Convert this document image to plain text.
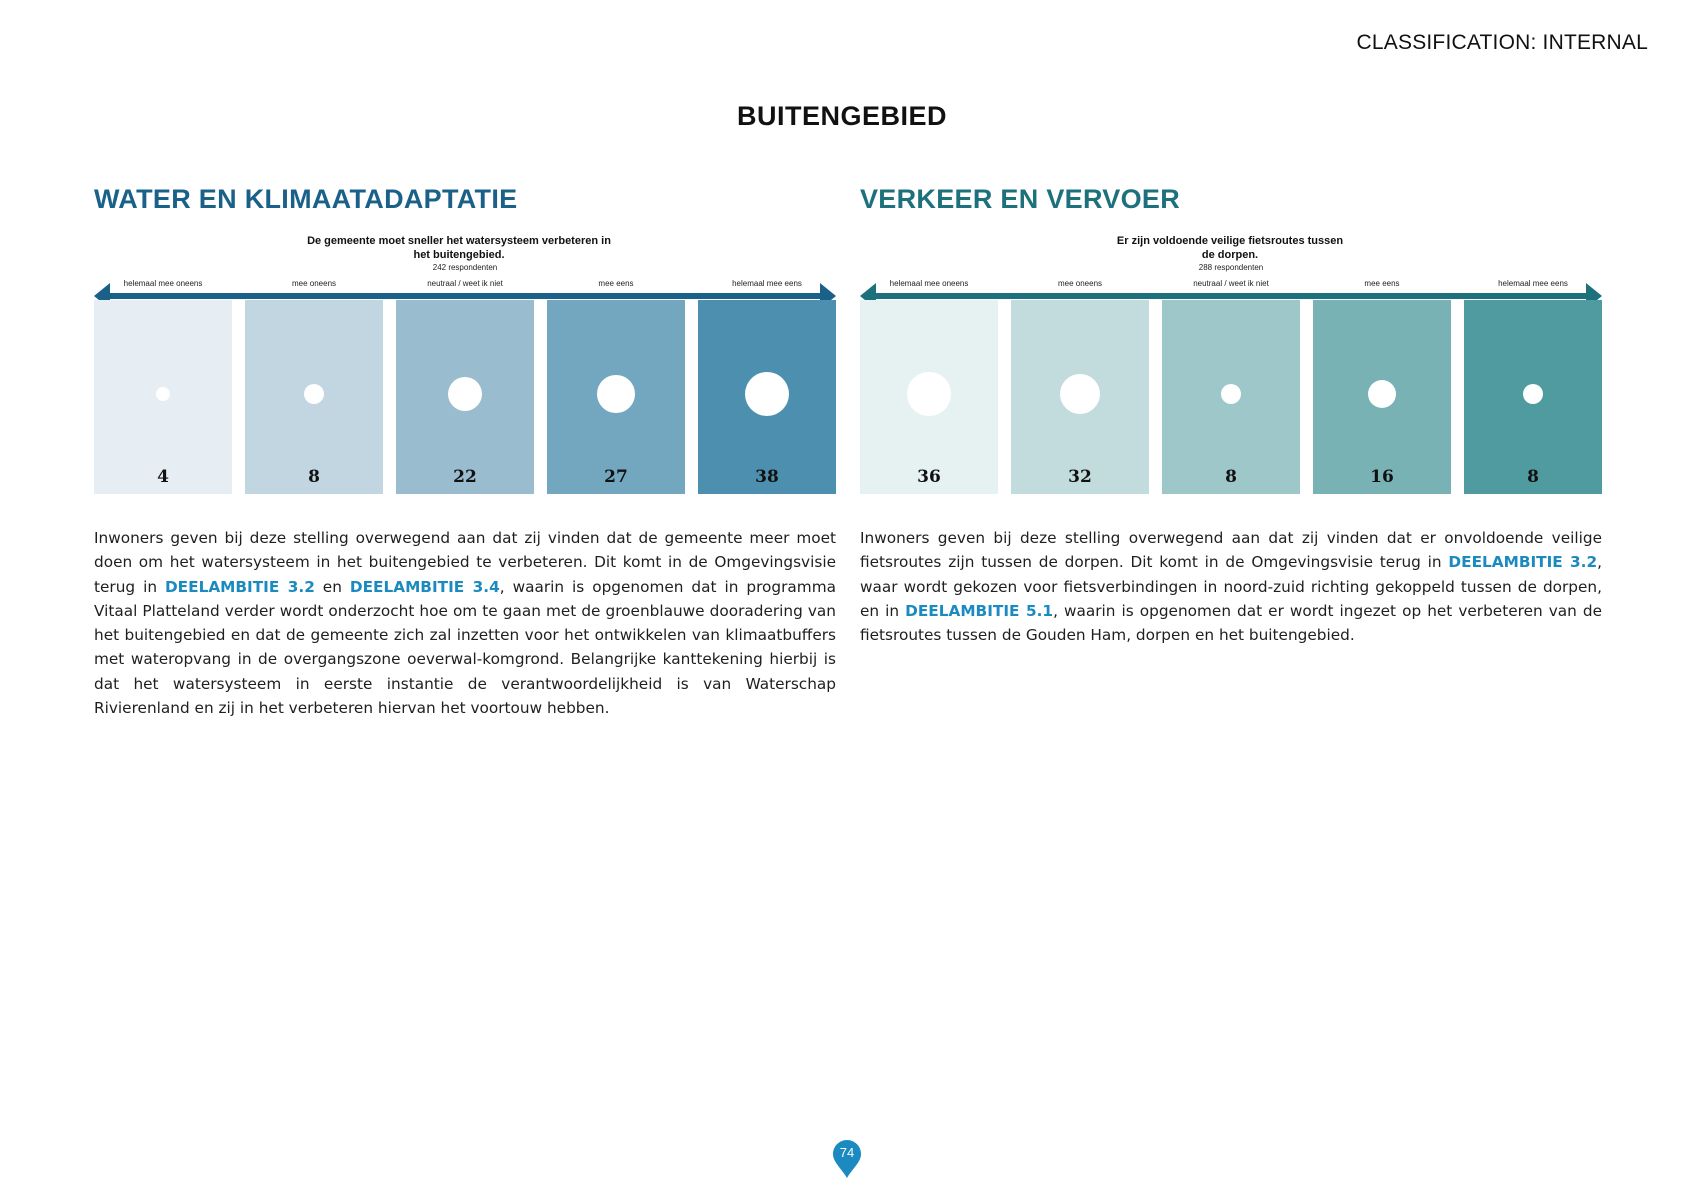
CLASSIFICATION: INTERNAL
BUITENGEBIED
WATER EN KLIMAATADAPTATIE
De gemeente moet sneller het watersysteem verbeteren in
het buitengebied.
242 respondenten
helemaal mee oneens	mee oneens	neutraal / weet ik niet	mee eens	helemaal mee eens
4	8	22	27	38

Inwoners geven bij deze stelling overwegend aan dat zij vinden dat de gemeente meer moet doen om het watersysteem in het buitengebied te verbeteren. Dit komt in de Omgevingsvisie terug in DEELAMBITIE 3.2 en DEELAMBITIE 3.4, waarin is opgenomen dat in programma Vitaal Platteland verder wordt onderzocht hoe om te gaan met de groenblauwe dooradering van het buitengebied en dat de gemeente zich zal inzetten voor het ontwikkelen van klimaatbuffers met wateropvang in de overgangszone oeverwal-komgrond. Belangrijke kanttekening hierbij is dat het watersysteem in eerste instantie de verantwoordelijkheid is van Waterschap Rivierenland en zij in het verbeteren hiervan het voortouw hebben.

VERKEER EN VERVOER
Er zijn voldoende veilige fietsroutes tussen
de dorpen.
288 respondenten
helemaal mee oneens	mee oneens	neutraal / weet ik niet	mee eens	helemaal mee eens
36	32	8	16	8

Inwoners geven bij deze stelling overwegend aan dat zij vinden dat er onvoldoende veilige fietsroutes zijn tussen de dorpen. Dit komt in de Omgevingsvisie terug in DEELAMBITIE 3.2, waar wordt gekozen voor fietsverbindingen in noord-zuid richting gekoppeld tussen de dorpen, en in DEELAMBITIE 5.1, waarin is opgenomen dat er wordt ingezet op het verbeteren van de fietsroutes tussen de Gouden Ham, dorpen en het buitengebied.

74
